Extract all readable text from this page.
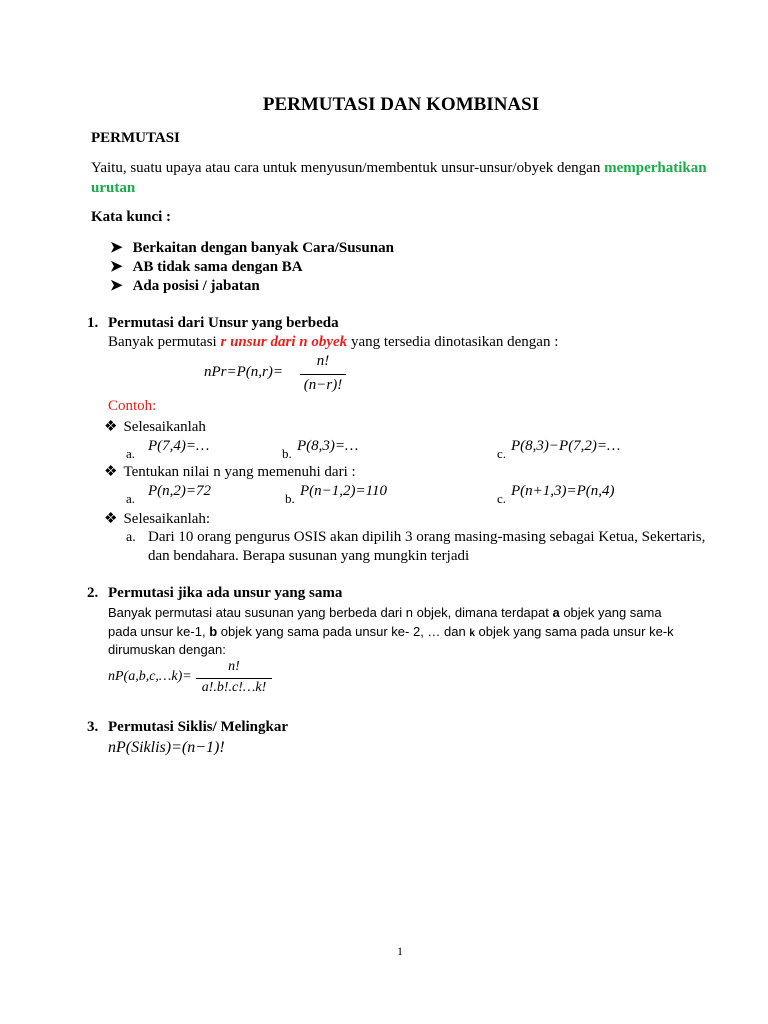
PERMUTASI DAN KOMBINASI
PERMUTASI
Yaitu, suatu upaya atau cara untuk menyusun/membentuk unsur-unsur/obyek dengan memperhatikan
urutan
Kata kunci :
➤ Berkaitan dengan banyak Cara/Susunan
➤ AB tidak sama dengan BA
➤ Ada posisi / jabatan
1. Permutasi dari Unsur yang berbeda
Banyak permutasi r unsur dari n obyek yang tersedia dinotasikan dengan :
nPr=P(n,r)=
n!
(n−r)!
Contoh:
❖ Selesaikanlah
a. P(7,4)=…	b. P(8,3)=…	c. P(8,3)−P(7,2)=…
❖ Tentukan nilai n yang memenuhi dari :
a. P(n,2)=72	b. P(n−1,2)=110	c. P(n+1,3)=P(n,4)
❖ Selesaikanlah:
a. Dari 10 orang pengurus OSIS akan dipilih 3 orang masing-masing sebagai Ketua, Sekertaris,
dan bendahara. Berapa susunan yang mungkin terjadi
2. Permutasi jika ada unsur yang sama
Banyak permutasi atau susunan yang berbeda dari n objek, dimana terdapat a objek yang sama
pada unsur ke-1, b objek yang sama pada unsur ke- 2, … dan k objek yang sama pada unsur ke-k
dirumuskan dengan:
nP(a,b,c,…k)=
n!
a!.b!.c!…k!
3. Permutasi Siklis/ Melingkar
nP(Siklis)=(n−1)!
1
